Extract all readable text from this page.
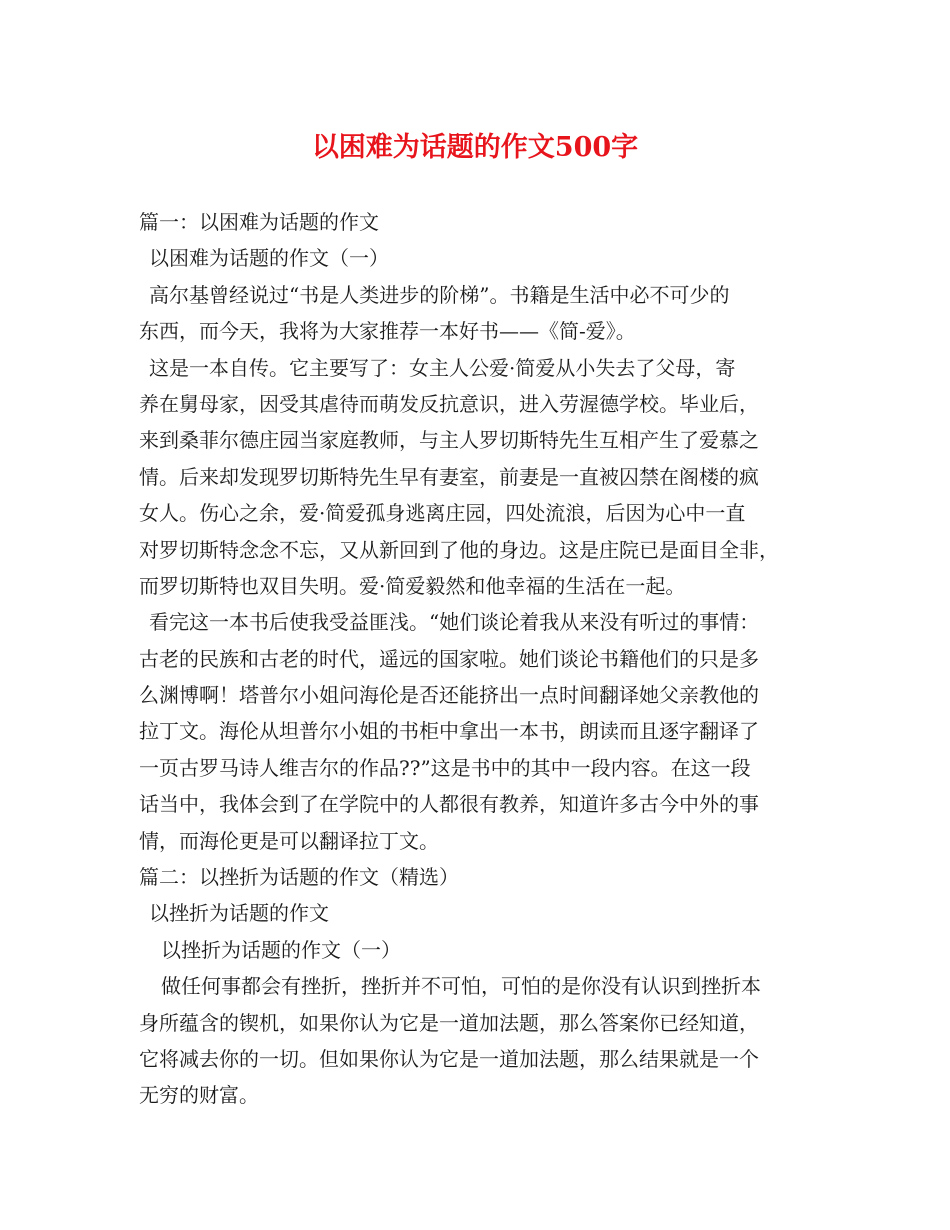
以困难为话题的作文500字
篇一：以困难为话题的作文
以困难为话题的作文（一）
高尔基曾经说过“书是人类进步的阶梯”。书籍是生活中必不可少的
东西，而今天，我将为大家推荐一本好书——《简-爱》。
这是一本自传。它主要写了：女主人公爱·简爱从小失去了父母，寄
养在舅母家，因受其虐待而萌发反抗意识，进入劳渥德学校。毕业后，
来到桑菲尔德庄园当家庭教师，与主人罗切斯特先生互相产生了爱慕之
情。后来却发现罗切斯特先生早有妻室，前妻是一直被囚禁在阁楼的疯
女人。伤心之余，爱·简爱孤身逃离庄园，四处流浪，后因为心中一直
对罗切斯特念念不忘，又从新回到了他的身边。这是庄院已是面目全非，
而罗切斯特也双目失明。爱·简爱毅然和他幸福的生活在一起。
看完这一本书后使我受益匪浅。“她们谈论着我从来没有听过的事情：
古老的民族和古老的时代，遥远的国家啦。她们谈论书籍他们的只是多
么渊博啊！塔普尔小姐问海伦是否还能挤出一点时间翻译她父亲教他的
拉丁文。海伦从坦普尔小姐的书柜中拿出一本书，朗读而且逐字翻译了
一页古罗马诗人维吉尔的作品??”这是书中的其中一段内容。在这一段
话当中，我体会到了在学院中的人都很有教养，知道许多古今中外的事
情，而海伦更是可以翻译拉丁文。
篇二：以挫折为话题的作文（精选）
以挫折为话题的作文
以挫折为话题的作文（一）
做任何事都会有挫折，挫折并不可怕，可怕的是你没有认识到挫折本
身所蕴含的锲机，如果你认为它是一道加法题，那么答案你已经知道，
它将减去你的一切。但如果你认为它是一道加法题，那么结果就是一个
无穷的财富。
